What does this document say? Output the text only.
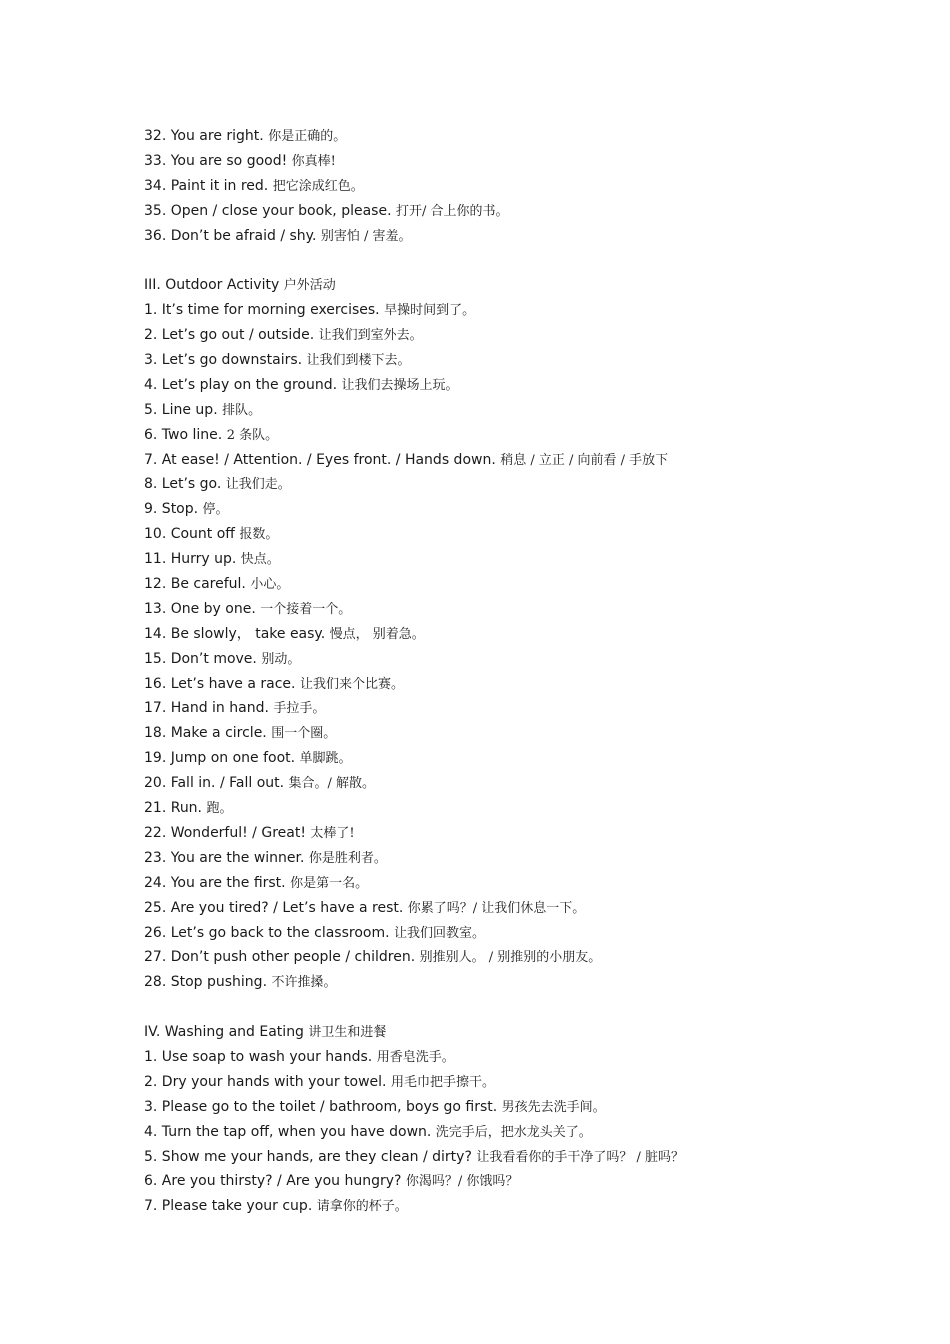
32. You are right. 你是正确的。
33. You are so good! 你真棒!
34. Paint it in red. 把它涂成红色。
35. Open / close your book, please. 打开/ 合上你的书。
36. Don’t be afraid / shy. 别害怕 / 害羞。
III. Outdoor Activity 户外活动
1. It’s time for morning exercises. 早操时间到了。
2. Let’s go out / outside. 让我们到室外去。
3. Let’s go downstairs. 让我们到楼下去。
4. Let’s play on the ground. 让我们去操场上玩。
5. Line up. 排队。
6. Two line. 2 条队。
7. At ease! / Attention. / Eyes front. / Hands down. 稍息 / 立正 / 向前看 / 手放下
8. Let’s go. 让我们走。
9. Stop. 停。
10. Count off 报数。
11. Hurry up. 快点。
12. Be careful. 小心。
13. One by one. 一个接着一个。
14. Be slowly， take easy. 慢点， 别着急。
15. Don’t move. 别动。
16. Let’s have a race. 让我们来个比赛。
17. Hand in hand. 手拉手。
18. Make a circle. 围一个圈。
19. Jump on one foot. 单脚跳。
20. Fall in. / Fall out. 集合。/ 解散。
21. Run. 跑。
22. Wonderful! / Great! 太棒了!
23. You are the winner. 你是胜利者。
24. You are the first. 你是第一名。
25. Are you tired? / Let’s have a rest. 你累了吗？/ 让我们休息一下。
26. Let’s go back to the classroom. 让我们回教室。
27. Don’t push other people / children. 别推别人。 / 别推别的小朋友。
28. Stop pushing. 不许推搡。
IV. Washing and Eating 讲卫生和进餐
1. Use soap to wash your hands. 用香皂洗手。
2. Dry your hands with your towel. 用毛巾把手擦干。
3. Please go to the toilet / bathroom, boys go first. 男孩先去洗手间。
4. Turn the tap off, when you have down. 洗完手后，把水龙头关了。
5. Show me your hands, are they clean / dirty? 让我看看你的手干净了吗？ / 脏吗？
6. Are you thirsty? / Are you hungry? 你渴吗？/ 你饿吗？
7. Please take your cup. 请拿你的杯子。
